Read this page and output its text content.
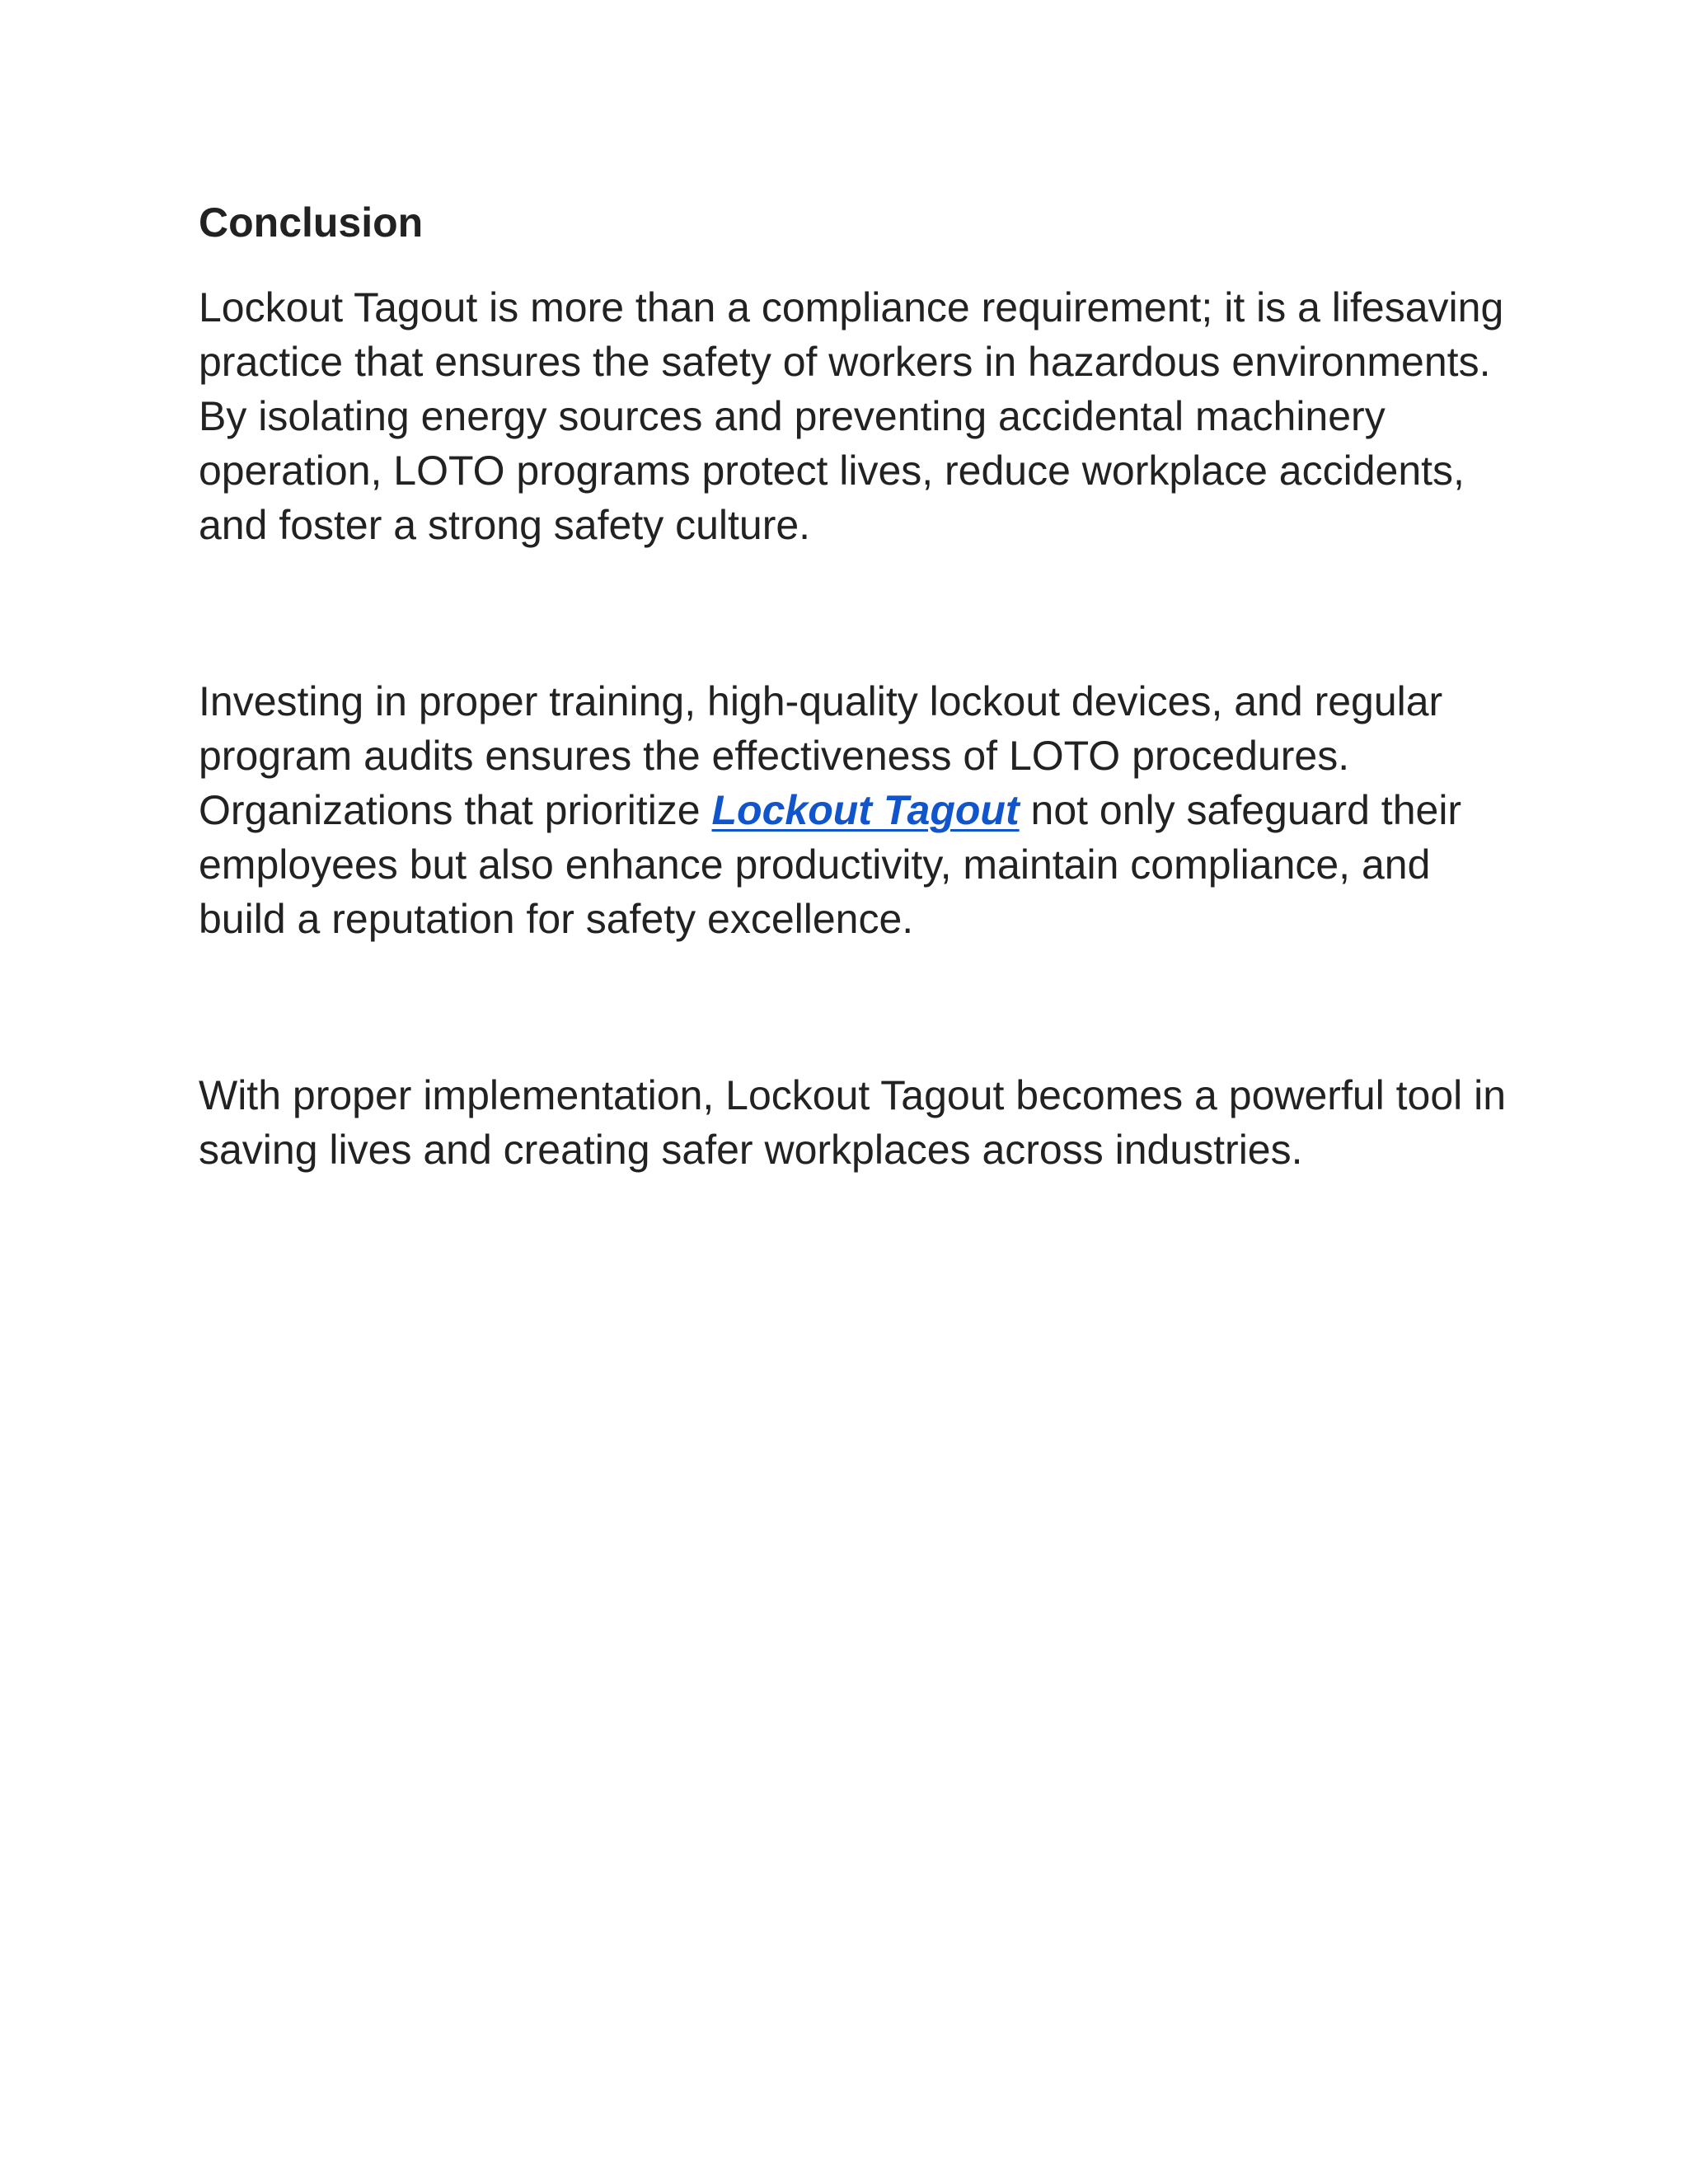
Conclusion

Lockout Tagout is more than a compliance requirement; it is a lifesaving practice that ensures the safety of workers in hazardous environments. By isolating energy sources and preventing accidental machinery operation, LOTO programs protect lives, reduce workplace accidents, and foster a strong safety culture.

Investing in proper training, high-quality lockout devices, and regular program audits ensures the effectiveness of LOTO procedures. Organizations that prioritize Lockout Tagout not only safeguard their employees but also enhance productivity, maintain compliance, and build a reputation for safety excellence.

With proper implementation, Lockout Tagout becomes a powerful tool in saving lives and creating safer workplaces across industries.
